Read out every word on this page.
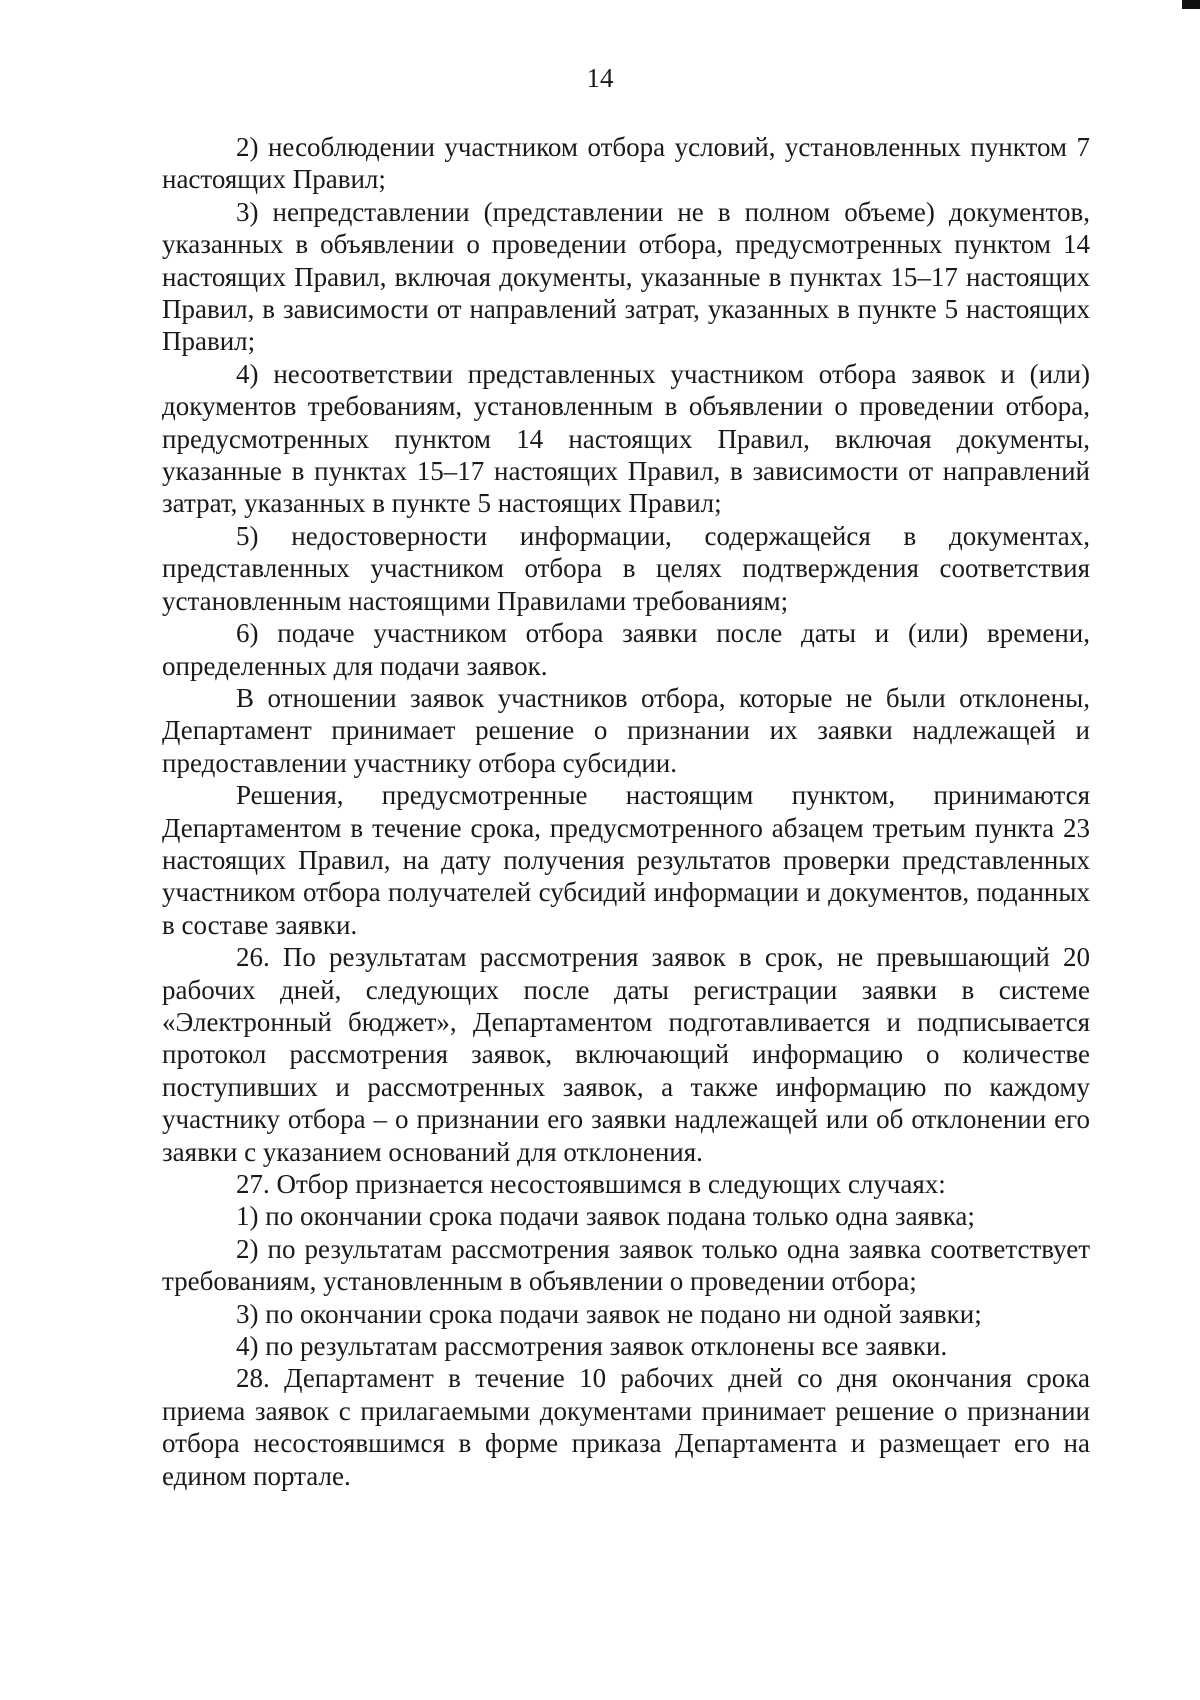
14

2) несоблюдении участником отбора условий, установленных пунктом 7 настоящих Правил;

3) непредставлении (представлении не в полном объеме) документов, указанных в объявлении о проведении отбора, предусмотренных пунктом 14 настоящих Правил, включая документы, указанные в пунктах 15–17 настоящих Правил, в зависимости от направлений затрат, указанных в пункте 5 настоящих Правил;

4) несоответствии представленных участником отбора заявок и (или) документов требованиям, установленным в объявлении о проведении отбора, предусмотренных пунктом 14 настоящих Правил, включая документы, указанные в пунктах 15–17 настоящих Правил, в зависимости от направлений затрат, указанных в пункте 5 настоящих Правил;

5) недостоверности информации, содержащейся в документах, представленных участником отбора в целях подтверждения соответствия установленным настоящими Правилами требованиям;

6) подаче участником отбора заявки после даты и (или) времени, определенных для подачи заявок.

В отношении заявок участников отбора, которые не были отклонены, Департамент принимает решение о признании их заявки надлежащей и предоставлении участнику отбора субсидии.

Решения, предусмотренные настоящим пунктом, принимаются Департаментом в течение срока, предусмотренного абзацем третьим пункта 23 настоящих Правил, на дату получения результатов проверки представленных участником отбора получателей субсидий информации и документов, поданных в составе заявки.

26. По результатам рассмотрения заявок в срок, не превышающий 20 рабочих дней, следующих после даты регистрации заявки в системе «Электронный бюджет», Департаментом подготавливается и подписывается протокол рассмотрения заявок, включающий информацию о количестве поступивших и рассмотренных заявок, а также информацию по каждому участнику отбора – о признании его заявки надлежащей или об отклонении его заявки с указанием оснований для отклонения.

27. Отбор признается несостоявшимся в следующих случаях:

1) по окончании срока подачи заявок подана только одна заявка;

2) по результатам рассмотрения заявок только одна заявка соответствует требованиям, установленным в объявлении о проведении отбора;

3) по окончании срока подачи заявок не подано ни одной заявки;

4) по результатам рассмотрения заявок отклонены все заявки.

28. Департамент в течение 10 рабочих дней со дня окончания срока приема заявок с прилагаемыми документами принимает решение о признании отбора несостоявшимся в форме приказа Департамента и размещает его на едином портале.
